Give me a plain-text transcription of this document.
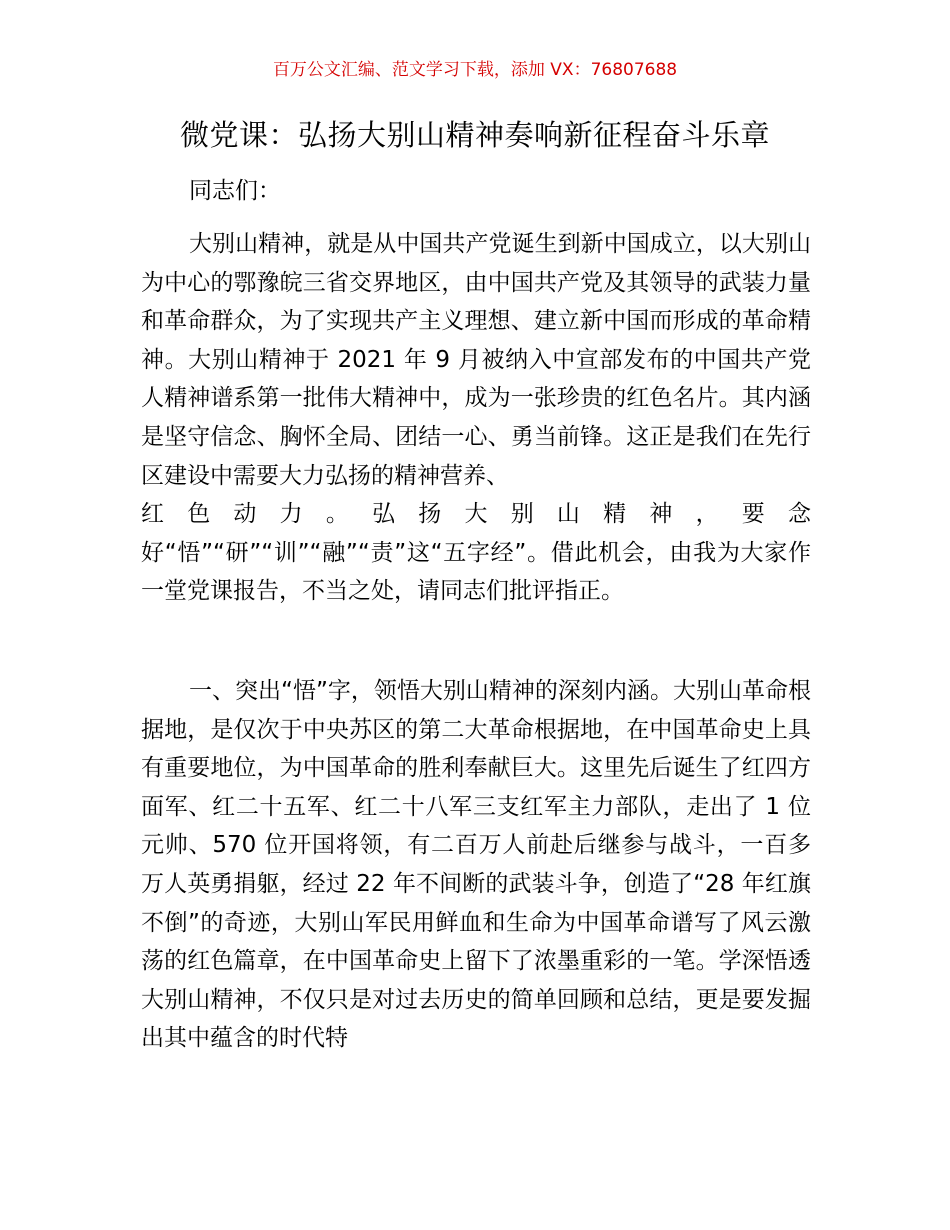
百万公文汇编、范文学习下载，添加 VX：76807688

微党课：弘扬大别山精神奏响新征程奋斗乐章

同志们：

大别山精神，就是从中国共产党诞生到新中国成立，以大别山为中心的鄂豫皖三省交界地区，由中国共产党及其领导的武装力量和革命群众，为了实现共产主义理想、建立新中国而形成的革命精神。大别山精神于 2021 年 9 月被纳入中宣部发布的中国共产党人精神谱系第一批伟大精神中，成为一张珍贵的红色名片。其内涵是坚守信念、胸怀全局、团结一心、勇当前锋。这正是我们在先行区建设中需要大力弘扬的精神营养、
红色动力。弘扬大别山精神，要念
好“悟”“研”“训”“融”“责”这“五字经”。借此机会，由我为大家作一堂党课报告，不当之处，请同志们批评指正。

一、突出“悟”字，领悟大别山精神的深刻内涵。大别山革命根据地，是仅次于中央苏区的第二大革命根据地，在中国革命史上具有重要地位，为中国革命的胜利奉献巨大。这里先后诞生了红四方面军、红二十五军、红二十八军三支红军主力部队，走出了 1 位元帅、570 位开国将领，有二百万人前赴后继参与战斗，一百多万人英勇捐躯，经过 22 年不间断的武装斗争，创造了“28 年红旗不倒”的奇迹，大别山军民用鲜血和生命为中国革命谱写了风云激荡的红色篇章，在中国革命史上留下了浓墨重彩的一笔。学深悟透大别山精神，不仅只是对过去历史的简单回顾和总结，更是要发掘出其中蕴含的时代特
